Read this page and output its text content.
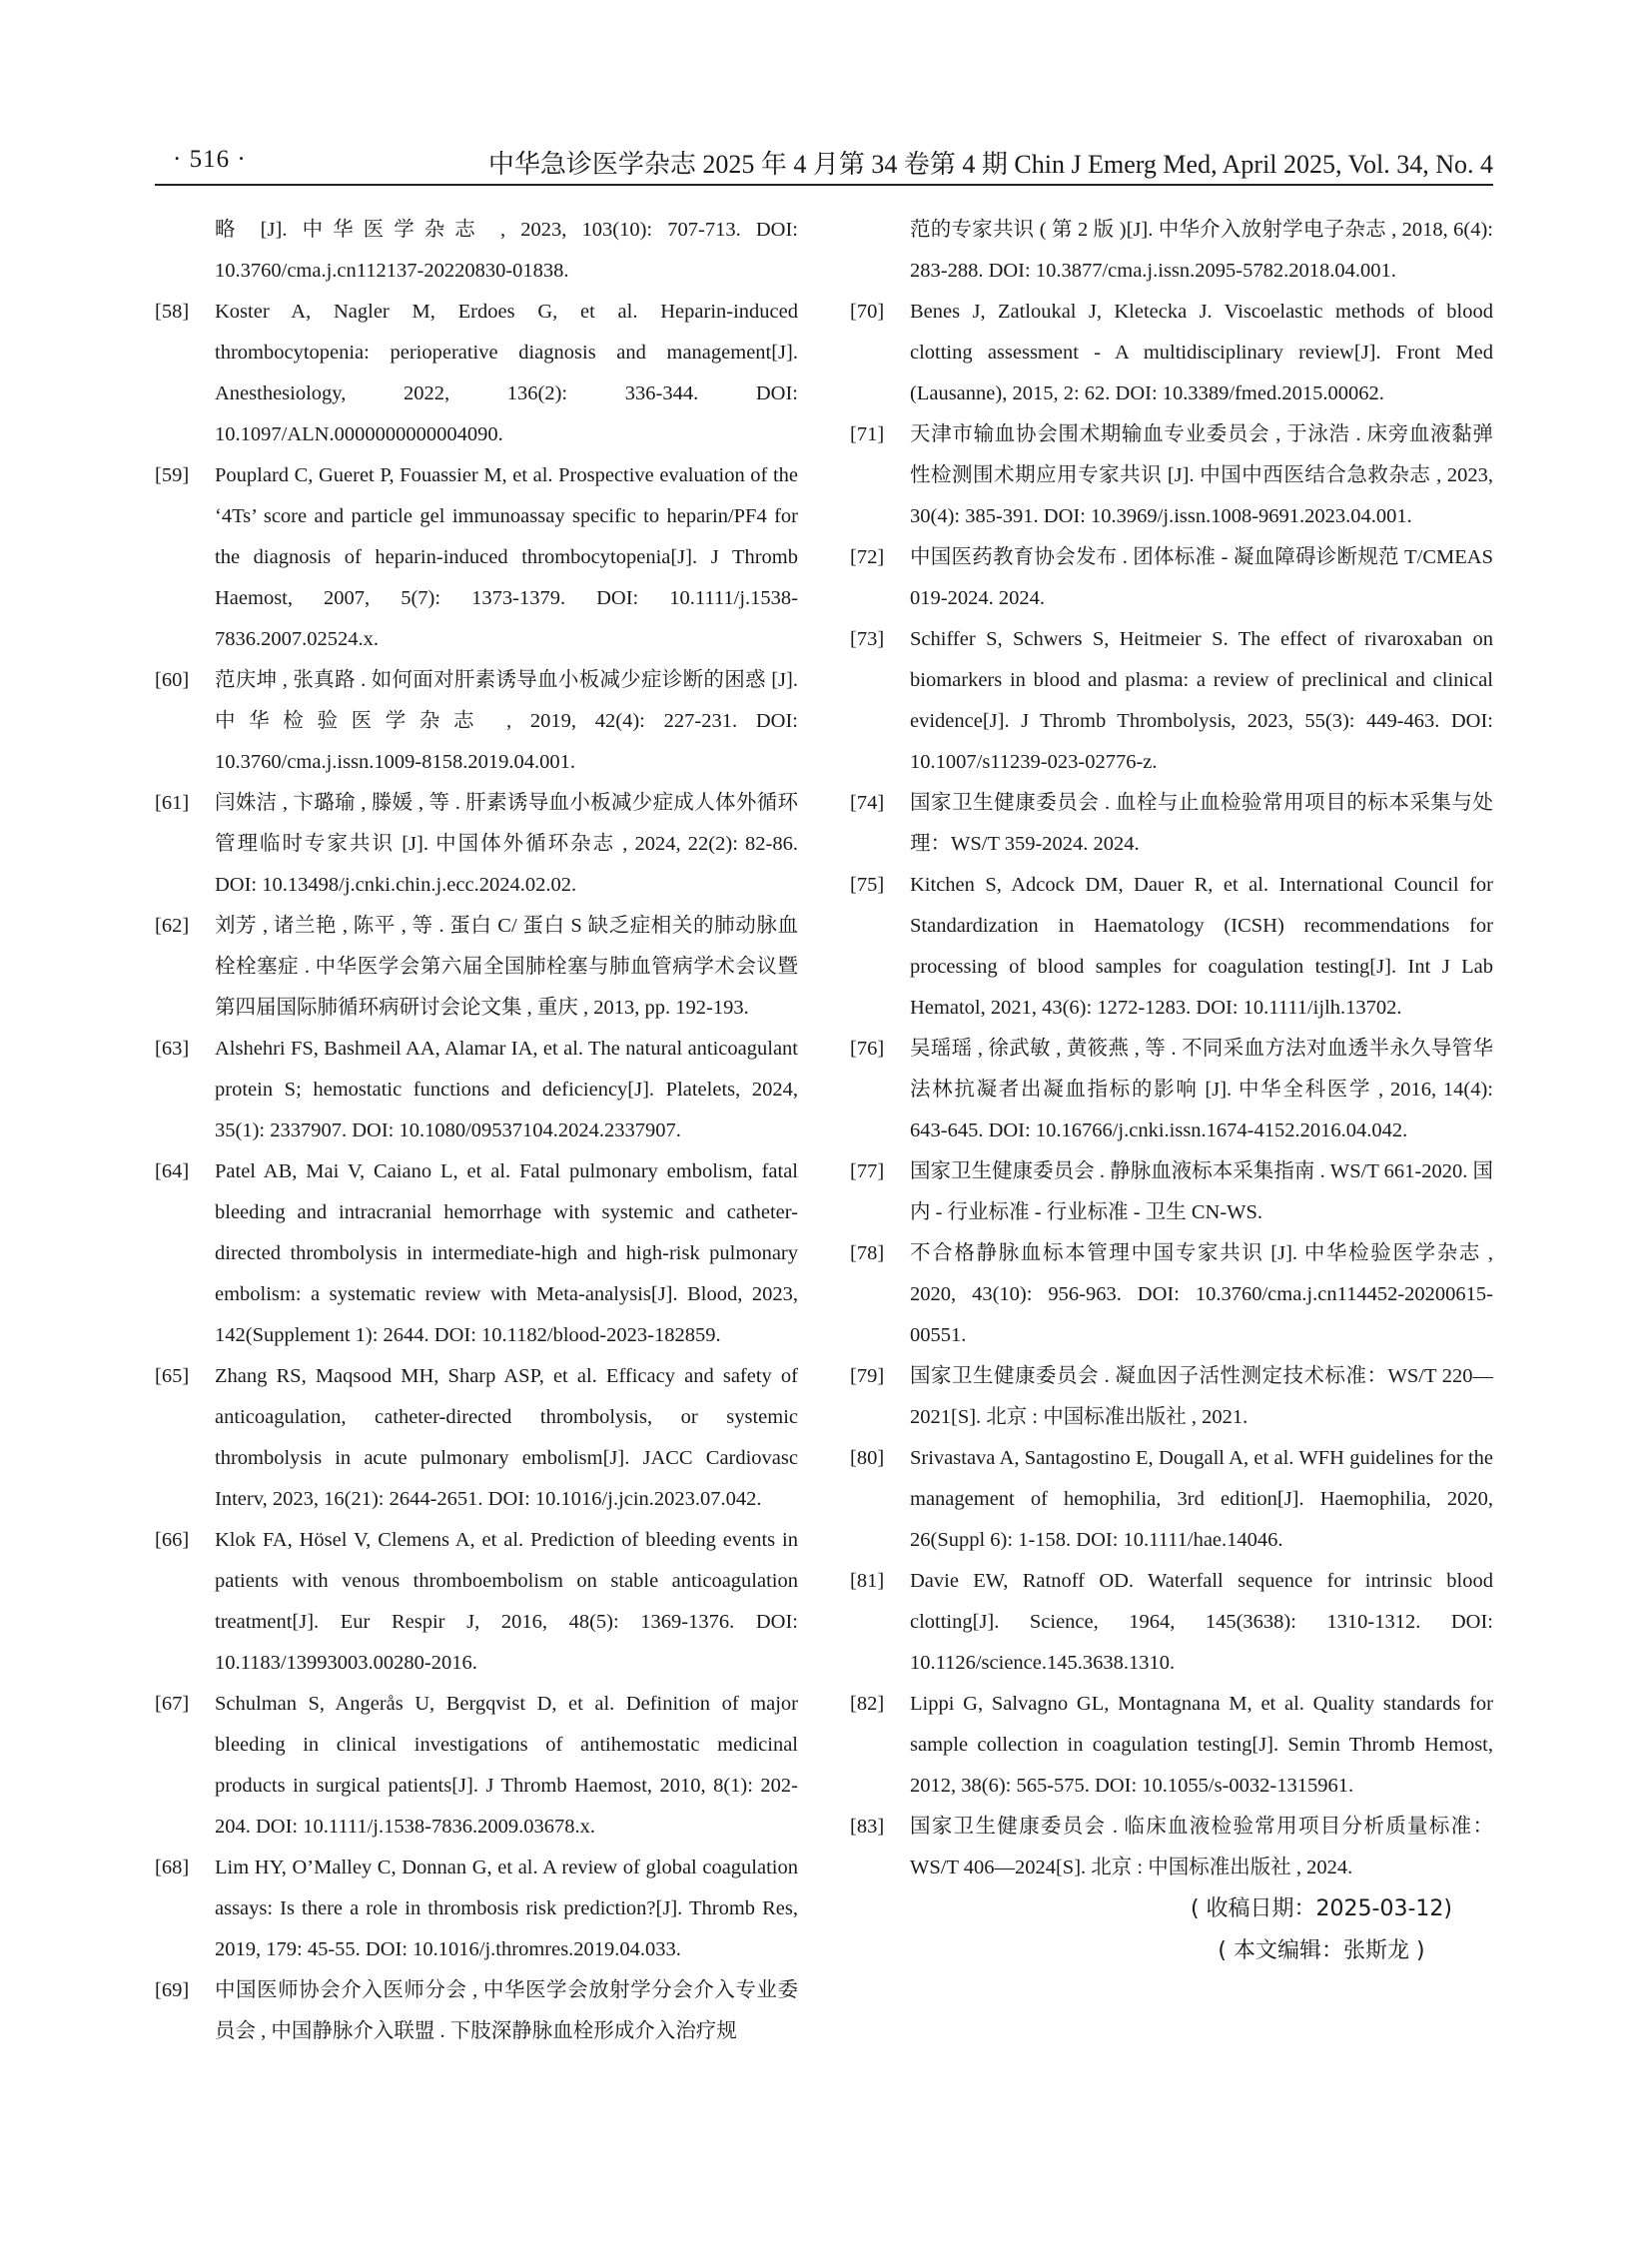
· 516 ·	中华急诊医学杂志 2025 年 4 月第 34 卷第 4 期 Chin J Emerg Med, April 2025, Vol. 34, No. 4
略 [J]. 中华医学杂志 , 2023, 103(10): 707-713. DOI: 10.3760/cma.j.cn112137-20220830-01838.
[58] Koster A, Nagler M, Erdoes G, et al. Heparin-induced thrombocytopenia: perioperative diagnosis and management[J]. Anesthesiology, 2022, 136(2): 336-344. DOI: 10.1097/ALN.0000000000004090.
[59] Pouplard C, Gueret P, Fouassier M, et al. Prospective evaluation of the ‘4Ts’ score and particle gel immunoassay specific to heparin/PF4 for the diagnosis of heparin-induced thrombocytopenia[J]. J Thromb Haemost, 2007, 5(7): 1373-1379. DOI: 10.1111/j.1538-7836.2007.02524.x.
[60] 范庆坤 , 张真路 . 如何面对肝素诱导血小板减少症诊断的困惑 [J]. 中华检验医学杂志 , 2019, 42(4): 227-231. DOI: 10.3760/cma.j.issn.1009-8158.2019.04.001.
[61] 闫姝洁 , 卞璐瑜 , 滕媛 , 等 . 肝素诱导血小板减少症成人体外循环管理临时专家共识 [J]. 中国体外循环杂志 , 2024, 22(2): 82-86. DOI: 10.13498/j.cnki.chin.j.ecc.2024.02.02.
[62] 刘芳 , 诸兰艳 , 陈平 , 等 . 蛋白 C/ 蛋白 S 缺乏症相关的肺动脉血栓栓塞症 . 中华医学会第六届全国肺栓塞与肺血管病学术会议暨第四届国际肺循环病研讨会论文集 , 重庆 , 2013, pp. 192-193.
[63] Alshehri FS, Bashmeil AA, Alamar IA, et al. The natural anticoagulant protein S; hemostatic functions and deficiency[J]. Platelets, 2024, 35(1): 2337907. DOI: 10.1080/09537104.2024.2337907.
[64] Patel AB, Mai V, Caiano L, et al. Fatal pulmonary embolism, fatal bleeding and intracranial hemorrhage with systemic and catheter-directed thrombolysis in intermediate-high and high-risk pulmonary embolism: a systematic review with Meta-analysis[J]. Blood, 2023, 142(Supplement 1): 2644. DOI: 10.1182/blood-2023-182859.
[65] Zhang RS, Maqsood MH, Sharp ASP, et al. Efficacy and safety of anticoagulation, catheter-directed thrombolysis, or systemic thrombolysis in acute pulmonary embolism[J]. JACC Cardiovasc Interv, 2023, 16(21): 2644-2651. DOI: 10.1016/j.jcin.2023.07.042.
[66] Klok FA, Hösel V, Clemens A, et al. Prediction of bleeding events in patients with venous thromboembolism on stable anticoagulation treatment[J]. Eur Respir J, 2016, 48(5): 1369-1376. DOI: 10.1183/13993003.00280-2016.
[67] Schulman S, Angerås U, Bergqvist D, et al. Definition of major bleeding in clinical investigations of antihemostatic medicinal products in surgical patients[J]. J Thromb Haemost, 2010, 8(1): 202-204. DOI: 10.1111/j.1538-7836.2009.03678.x.
[68] Lim HY, O’Malley C, Donnan G, et al. A review of global coagulation assays: Is there a role in thrombosis risk prediction?[J]. Thromb Res, 2019, 179: 45-55. DOI: 10.1016/j.thromres.2019.04.033.
[69] 中国医师协会介入医师分会 , 中华医学会放射学分会介入专业委员会 , 中国静脉介入联盟 . 下肢深静脉血栓形成介入治疗规
范的专家共识 ( 第 2 版 )[J]. 中华介入放射学电子杂志 , 2018, 6(4): 283-288. DOI: 10.3877/cma.j.issn.2095-5782.2018.04.001.
[70] Benes J, Zatloukal J, Kletecka J. Viscoelastic methods of blood clotting assessment - A multidisciplinary review[J]. Front Med (Lausanne), 2015, 2: 62. DOI: 10.3389/fmed.2015.00062.
[71] 天津市输血协会围术期输血专业委员会 , 于泳浩 . 床旁血液黏弹性检测围术期应用专家共识 [J]. 中国中西医结合急救杂志 , 2023, 30(4): 385-391. DOI: 10.3969/j.issn.1008-9691.2023.04.001.
[72] 中国医药教育协会发布 . 团体标准 - 凝血障碍诊断规范 T/CMEAS 019-2024. 2024.
[73] Schiffer S, Schwers S, Heitmeier S. The effect of rivaroxaban on biomarkers in blood and plasma: a review of preclinical and clinical evidence[J]. J Thromb Thrombolysis, 2023, 55(3): 449-463. DOI: 10.1007/s11239-023-02776-z.
[74] 国家卫生健康委员会 . 血栓与止血检验常用项目的标本采集与处理：WS/T 359-2024. 2024.
[75] Kitchen S, Adcock DM, Dauer R, et al. International Council for Standardization in Haematology (ICSH) recommendations for processing of blood samples for coagulation testing[J]. Int J Lab Hematol, 2021, 43(6): 1272-1283. DOI: 10.1111/ijlh.13702.
[76] 吴瑶瑶 , 徐武敏 , 黄筱燕 , 等 . 不同采血方法对血透半永久导管华法林抗凝者出凝血指标的影响 [J]. 中华全科医学 , 2016, 14(4): 643-645. DOI: 10.16766/j.cnki.issn.1674-4152.2016.04.042.
[77] 国家卫生健康委员会 . 静脉血液标本采集指南 . WS/T 661-2020. 国内 - 行业标准 - 行业标准 - 卫生 CN-WS.
[78] 不合格静脉血标本管理中国专家共识 [J]. 中华检验医学杂志 , 2020, 43(10): 956-963. DOI: 10.3760/cma.j.cn114452-20200615-00551.
[79] 国家卫生健康委员会 . 凝血因子活性测定技术标准：WS/T 220—2021[S]. 北京 : 中国标准出版社 , 2021.
[80] Srivastava A, Santagostino E, Dougall A, et al. WFH guidelines for the management of hemophilia, 3rd edition[J]. Haemophilia, 2020, 26(Suppl 6): 1-158. DOI: 10.1111/hae.14046.
[81] Davie EW, Ratnoff OD. Waterfall sequence for intrinsic blood clotting[J]. Science, 1964, 145(3638): 1310-1312. DOI: 10.1126/science.145.3638.1310.
[82] Lippi G, Salvagno GL, Montagnana M, et al. Quality standards for sample collection in coagulation testing[J]. Semin Thromb Hemost, 2012, 38(6): 565-575. DOI: 10.1055/s-0032-1315961.
[83] 国家卫生健康委员会 . 临床血液检验常用项目分析质量标准：WS/T 406—2024[S]. 北京 : 中国标准出版社 , 2024.
( 收稿日期：2025-03-12)
( 本文编辑：张斯龙 )
